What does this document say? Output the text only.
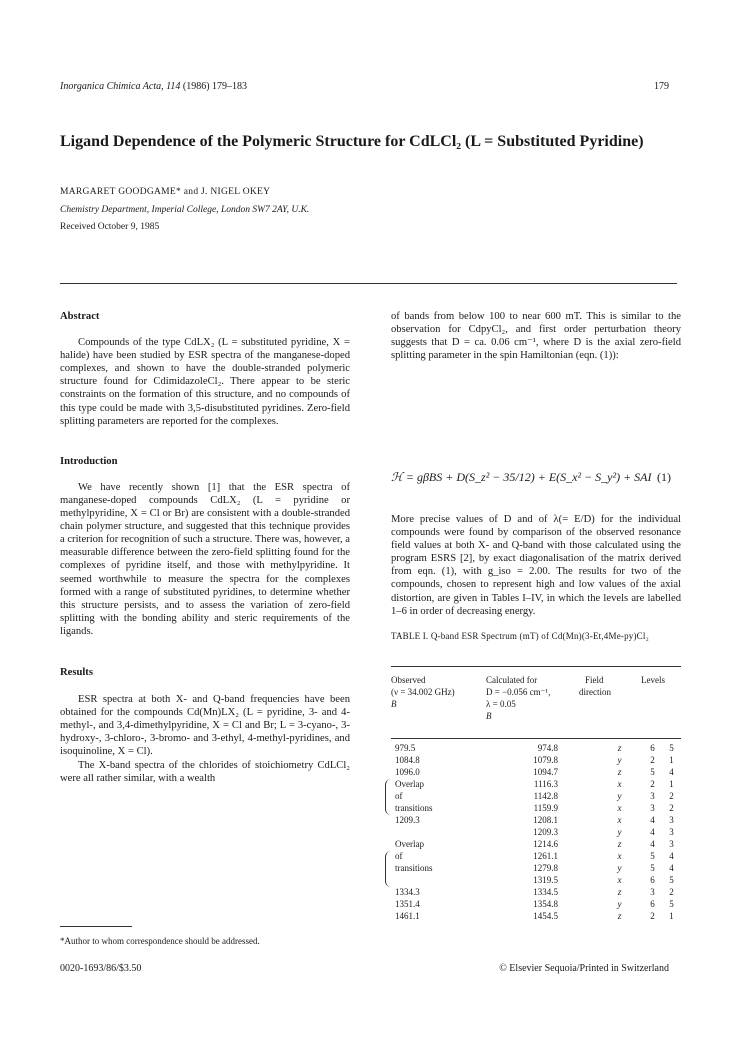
Inorganica Chimica Acta, 114 (1986) 179–183	179
Ligand Dependence of the Polymeric Structure for CdLCl₂ (L = Substituted Pyridine)
MARGARET GOODGAME* and J. NIGEL OKEY
Chemistry Department, Imperial College, London SW7 2AY, U.K.
Received October 9, 1985
Abstract

Compounds of the type CdLX₂ (L = substituted pyridine, X = halide) have been studied by ESR spectra of the manganese-doped complexes, and shown to have the double-stranded polymeric structure found for CdimidazoleCl₂. There appear to be steric constraints on the formation of this structure, and no compounds of this type could be made with 3,5-disubstituted pyridines. Zero-field splitting parameters are reported for the complexes.

Introduction

We have recently shown [1] that the ESR spectra of manganese-doped compounds CdLX₂ (L = pyridine or methylpyridine, X = Cl or Br) are consistent with a double-stranded chain polymer structure, and suggested that this technique provides a criterion for recognition of such a structure. There was, however, a measurable difference between the zero-field splitting found for the complexes of pyridine itself, and those with methylpyridine. It seemed worthwhile to measure the spectra for the complexes formed with a range of substituted pyridines, to determine whether this structure persists, and to assess the variation of zero-field splitting with the bonding ability and steric requirements of the ligands.

Results

ESR spectra at both X- and Q-band frequencies have been obtained for the compounds Cd(Mn)LX₂ (L = pyridine, 3- and 4-methyl-, and 3,4-dimethylpyridine, X = Cl and Br; L = 3-cyano-, 3-hydroxy-, 3-chloro-, 3-bromo- and 3-ethyl, 4-methyl-pyridines, and isoquinoline, X = Cl).

The X-band spectra of the chlorides of stoichiometry CdLCl₂ were all rather similar, with a wealth

of bands from below 100 to near 600 mT. This is similar to the observation for CdpyCl₂, and first order perturbation theory suggests that D = ca. 0.06 cm⁻¹, where D is the axial zero-field splitting parameter in the spin Hamiltonian (eqn. (1)):

ℋ = gβBS + D(S_z² − 35/12) + E(S_x² − S_y²) + SAI (1)

More precise values of D and of λ(= E/D) for the individual compounds were found by comparison of the observed resonance field values at both X- and Q-band with those calculated using the program ESRS [2], by exact diagonalisation of the matrix derived from eqn. (1), with g_iso = 2.00. The results for two of the compounds, chosen to represent high and low values of the axial distortion, are given in Tables I–IV, in which the levels are labelled 1–6 in order of decreasing energy.

TABLE I. Q-band ESR Spectrum (mT) of Cd(Mn)(3-Et,4Me-py)Cl₂
Observed
(ν = 34.002 GHz)
B
Calculated for
D = −0.056 cm⁻¹,
λ = 0.05
B
Field
direction
Levels
979.5	974.8	z	6	5
1084.8	1079.8	y	2	1
1096.0	1094.7	z	5	4
Overlap	1116.3	x	2	1
of	1142.8	y	3	2
transitions	1159.9	x	3	2
1209.3	1208.1	x	4	3
	1209.3	y	4	3
Overlap	1214.6	z	4	3
of	1261.1	x	5	4
transitions	1279.8	y	5	4
	1319.5	x	6	5
1334.3	1334.5	z	3	2
1351.4	1354.8	y	6	5
1461.1	1454.5	z	2	1
*Author to whom correspondence should be addressed.
0020-1693/86/$3.50	© Elsevier Sequoia/Printed in Switzerland
